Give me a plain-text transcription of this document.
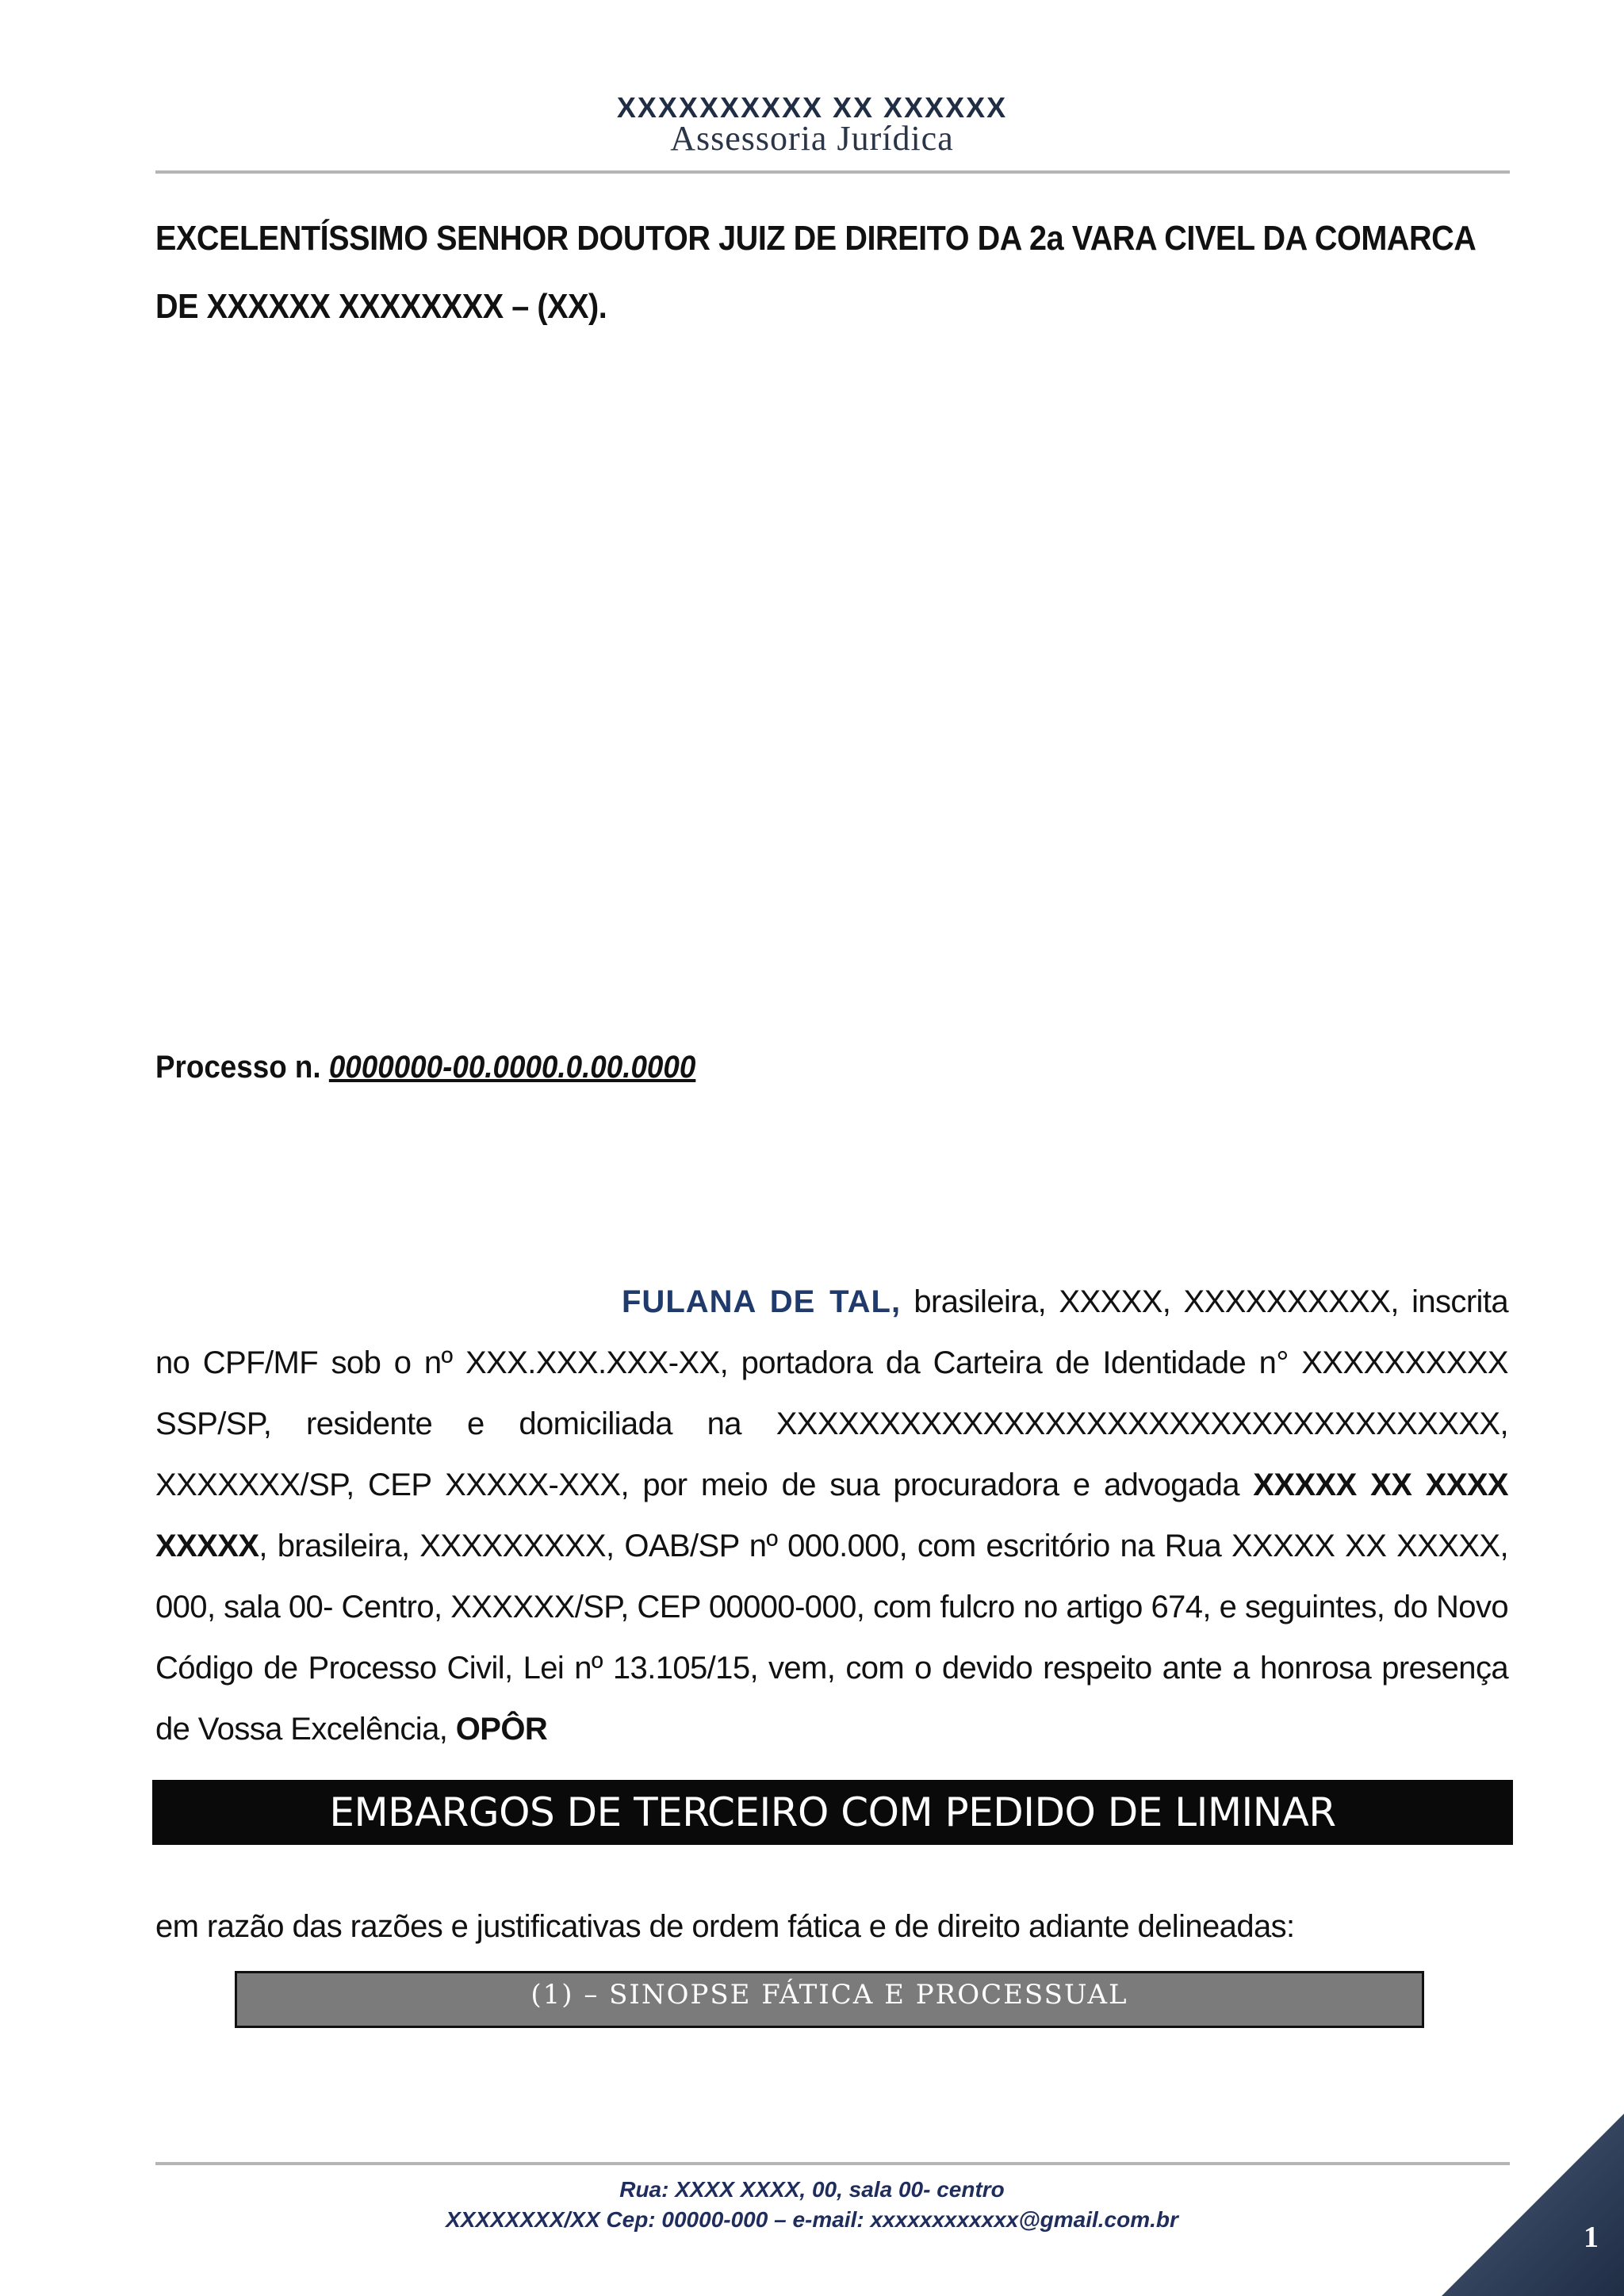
XXXXXXXXXX XX XXXXXX
Assessoria Jurídica
EXCELENTÍSSIMO SENHOR DOUTOR JUIZ DE DIREITO DA 2a VARA CIVEL DA COMARCA DE XXXXXX XXXXXXXX – (XX).
Processo n. 0000000-00.0000.0.00.0000
FULANA DE TAL, brasileira, XXXXX, XXXXXXXXXX, inscrita no CPF/MF sob o nº XXX.XXX.XXX-XX, portadora da Carteira de Identidade n° XXXXXXXXXX SSP/SP, residente e domiciliada na XXXXXXXXXXXXXXXXXXXXXXXXXXXXXXXXXXX, XXXXXXX/SP, CEP XXXXX-XXX, por meio de sua procuradora e advogada XXXXX XX XXXX XXXXX, brasileira, XXXXXXXXX, OAB/SP nº 000.000, com escritório na Rua XXXXX XX XXXXX, 000, sala 00- Centro, XXXXXX/SP, CEP 00000-000, com fulcro no artigo 674, e seguintes, do Novo Código de Processo Civil, Lei nº 13.105/15, vem, com o devido respeito ante a honrosa presença de Vossa Excelência, OPÔR
EMBARGOS DE TERCEIRO COM PEDIDO DE LIMINAR
em razão das razões e justificativas de ordem fática e de direito adiante delineadas:
(1) – SINOPSE FÁTICA E PROCESSUAL
Rua: XXXX XXXX, 00, sala 00- centro
XXXXXXXX/XX Cep: 00000-000 – e-mail: xxxxxxxxxxxx@gmail.com.br
1
